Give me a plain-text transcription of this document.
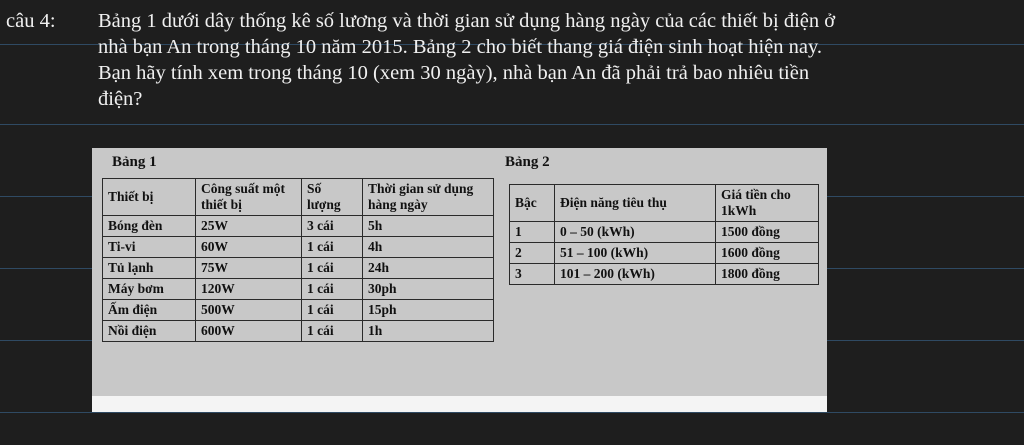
câu 4: Bảng 1 dưới dây thống kê số lương và thời gian sử dụng hàng ngày của các thiết bị điện ở
nhà bạn An trong tháng 10 năm 2015. Bảng 2 cho biết thang giá điện sinh hoạt hiện nay.
Bạn hãy tính xem trong tháng 10 (xem 30 ngày), nhà bạn An đã phải trả bao nhiêu tiền
điện?
Bảng 1	Bảng 2
Thiết bị	Công suất một thiết bị	Số lượng	Thời gian sử dụng hàng ngày
Bóng đèn	25W	3 cái	5h
Ti-vi	60W	1 cái	4h
Tủ lạnh	75W	1 cái	24h
Máy bơm	120W	1 cái	30ph
Ấm điện	500W	1 cái	15ph
Nồi điện	600W	1 cái	1h
Bậc	Điện năng tiêu thụ	Giá tiền cho 1kWh
1	0 – 50 (kWh)	1500 đồng
2	51 – 100 (kWh)	1600 đồng
3	101 – 200 (kWh)	1800 đồng
